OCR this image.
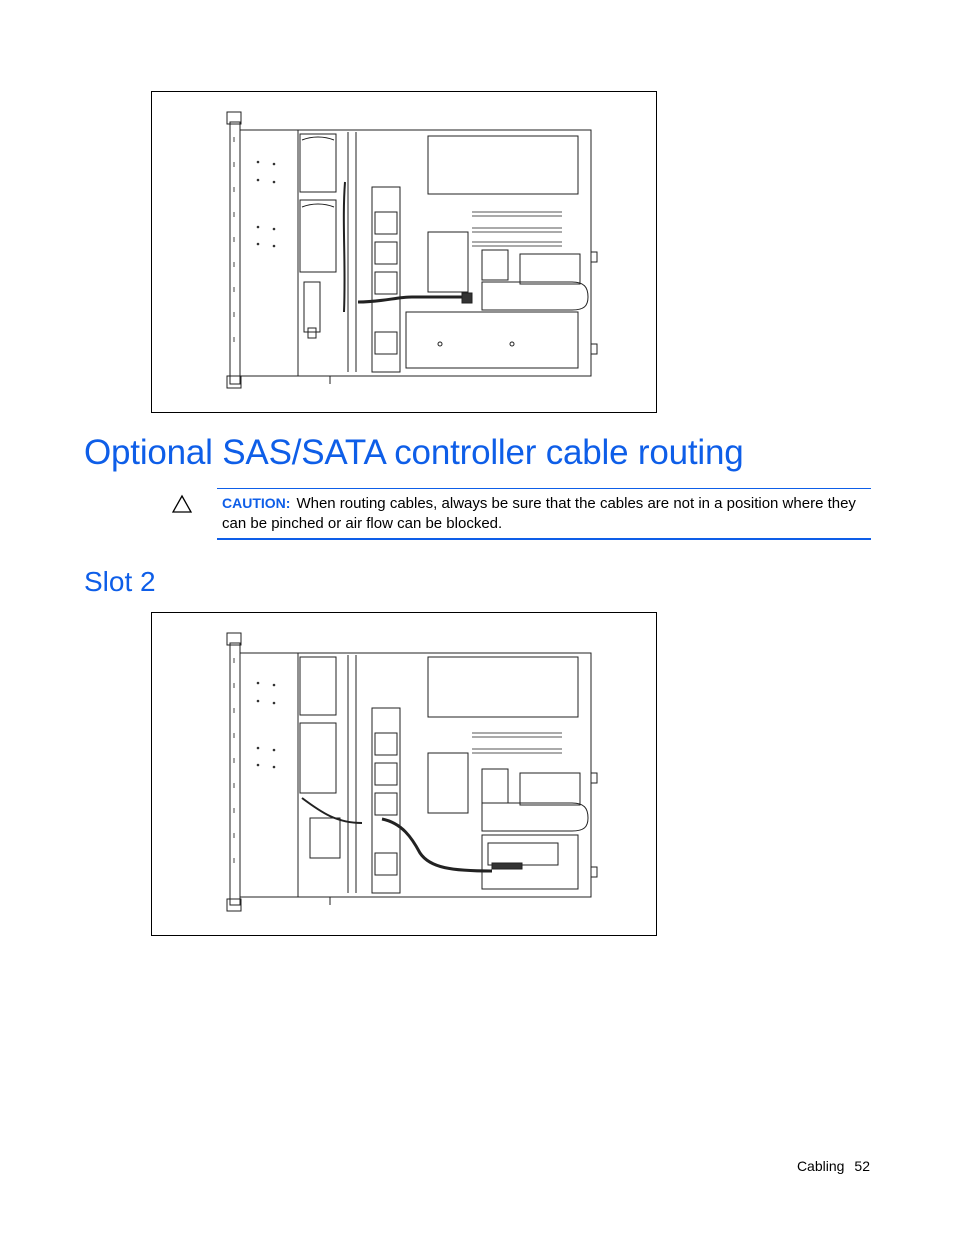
Optional SAS/SATA controller cable routing
CAUTION: When routing cables, always be sure that the cables are not in a position where they can be pinched or air flow can be blocked.
Slot 2
Cabling 52
